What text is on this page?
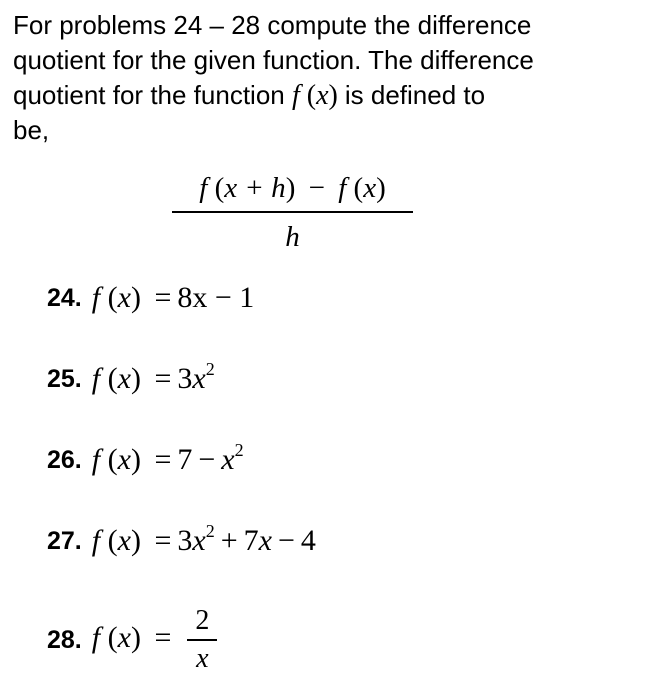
For problems 24 – 28 compute the difference
quotient for the given function. The difference
quotient for the function f (x) is defined to
be,
f (x + h) − f (x)
h
24. f (x) = 8x − 1
25. f $(x) = 3x^2$
26. f $(x) = 7 - x^2$
27. f $(x) = 3x^2 + 7x - 4$
28. f $(x) = \frac{2}{x}$
